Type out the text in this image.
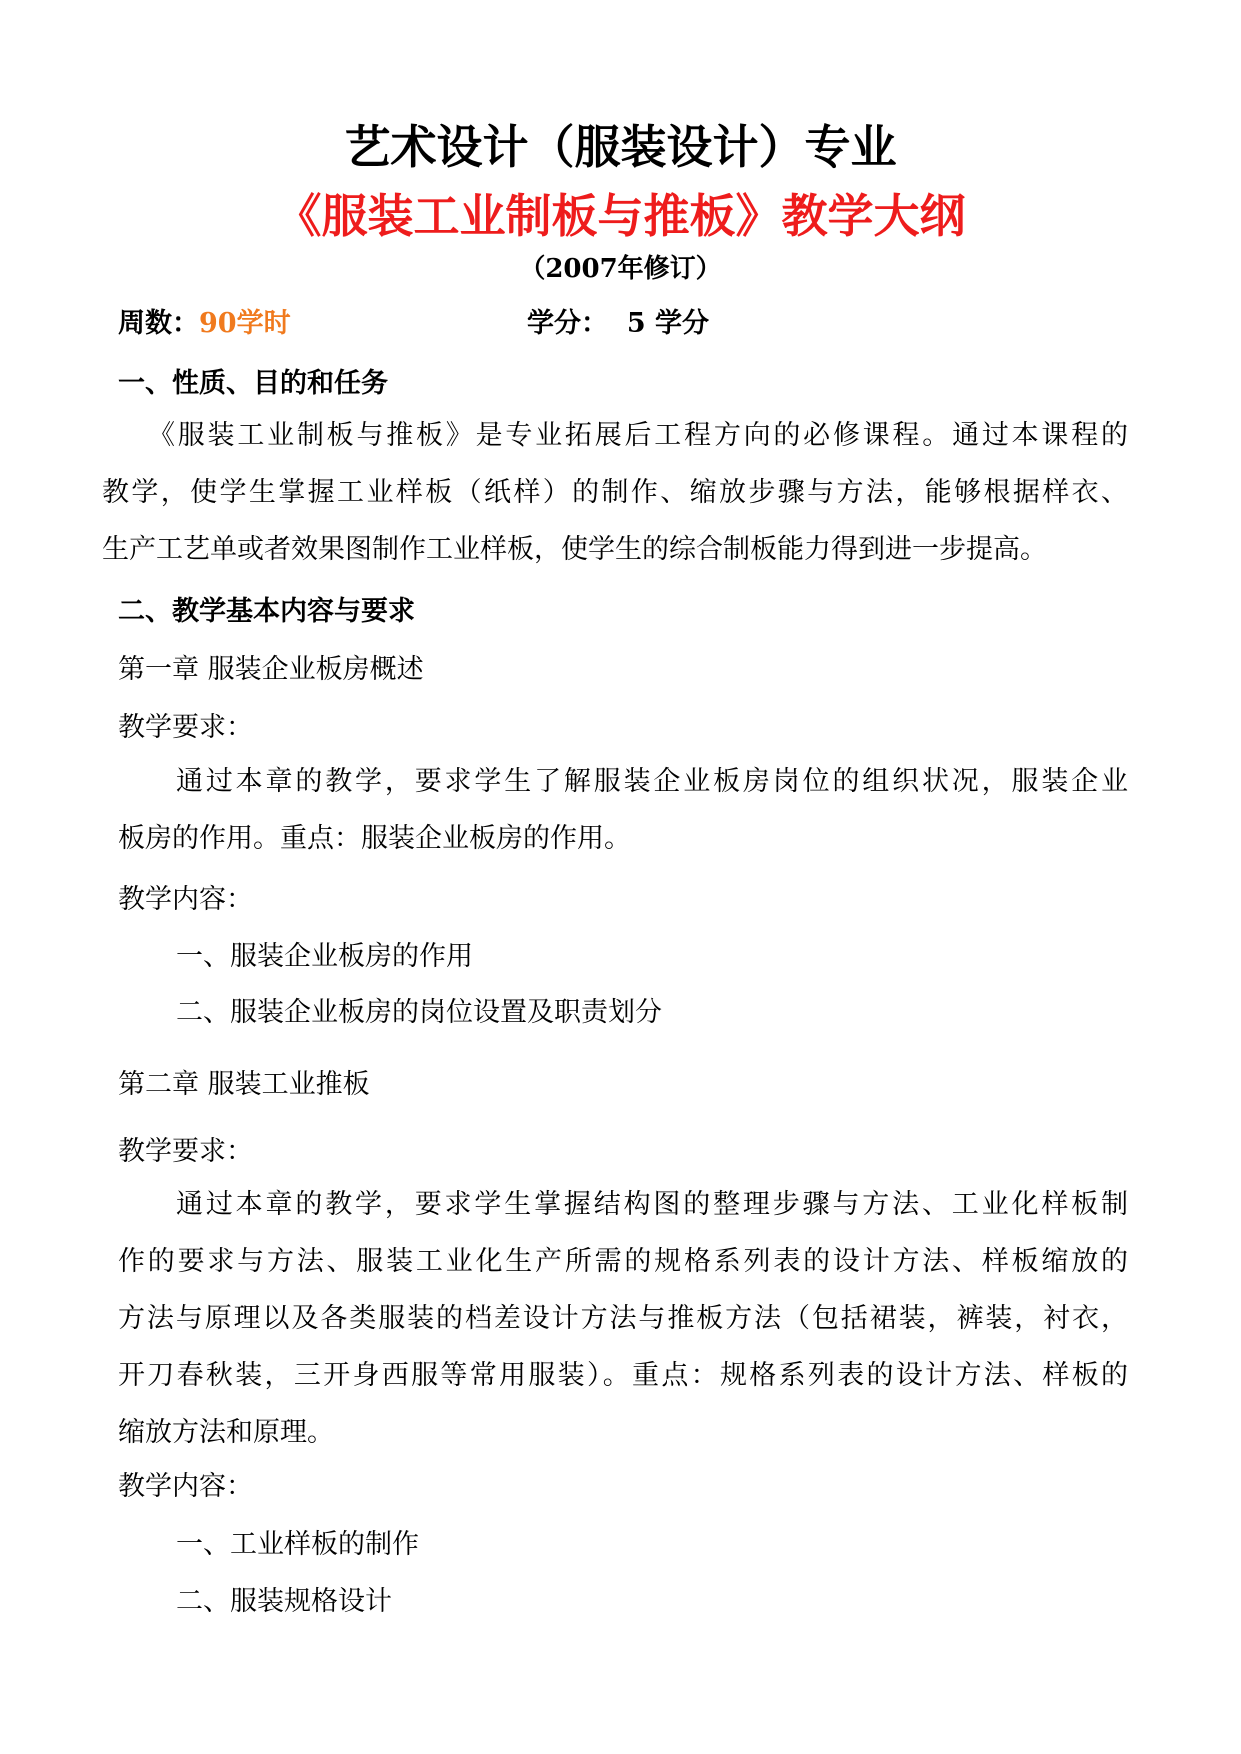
艺术设计（服装设计）专业
《服装工业制板与推板》教学大纲
（2007年修订）
周数：90学时	学分： 5 学分
一、性质、目的和任务
《服装工业制板与推板》是专业拓展后工程方向的必修课程。通过本课程的
教学，使学生掌握工业样板（纸样）的制作、缩放步骤与方法，能够根据样衣、
生产工艺单或者效果图制作工业样板，使学生的综合制板能力得到进一步提高。
二、教学基本内容与要求
第一章 服装企业板房概述
教学要求：
通过本章的教学，要求学生了解服装企业板房岗位的组织状况，服装企业
板房的作用。重点：服装企业板房的作用。
教学内容：
一、服装企业板房的作用
二、服装企业板房的岗位设置及职责划分
第二章 服装工业推板
教学要求：
通过本章的教学，要求学生掌握结构图的整理步骤与方法、工业化样板制
作的要求与方法、服装工业化生产所需的规格系列表的设计方法、样板缩放的
方法与原理以及各类服装的档差设计方法与推板方法（包括裙装，裤装，衬衣，
开刀春秋装，三开身西服等常用服装）。重点：规格系列表的设计方法、样板的
缩放方法和原理。
教学内容：
一、工业样板的制作
二、服装规格设计
